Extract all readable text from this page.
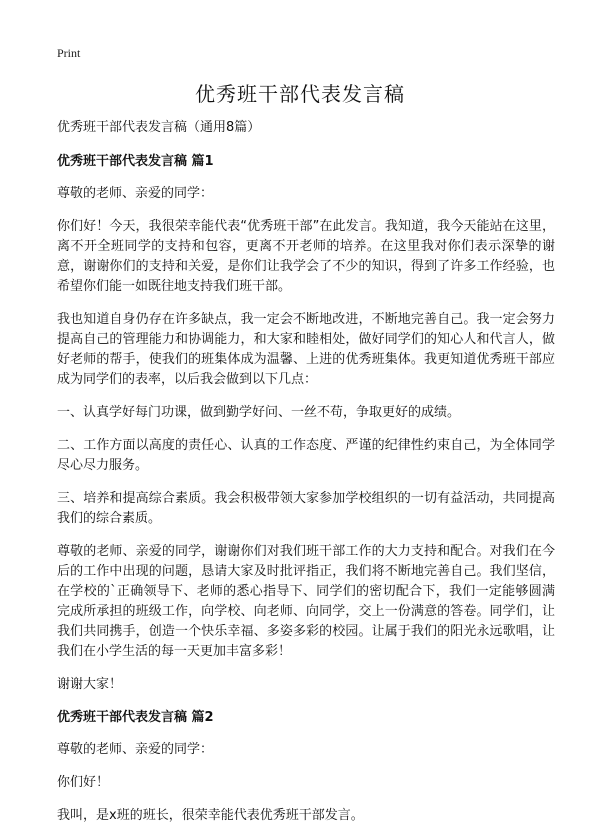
Print
优秀班干部代表发言稿

优秀班干部代表发言稿（通用8篇）

优秀班干部代表发言稿 篇1

尊敬的老师、亲爱的同学：

你们好！今天，我很荣幸能代表“优秀班干部”在此发言。我知道，我今天能站在这里，离不开全班同学的支持和包容，更离不开老师的培养。在这里我对你们表示深挚的谢意，谢谢你们的支持和关爱，是你们让我学会了不少的知识，得到了许多工作经验，也希望你们能一如既往地支持我们班干部。

我也知道自身仍存在许多缺点，我一定会不断地改进，不断地完善自己。我一定会努力提高自己的管理能力和协调能力，和大家和睦相处，做好同学们的知心人和代言人，做好老师的帮手，使我们的班集体成为温馨、上进的优秀班集体。我更知道优秀班干部应成为同学们的表率，以后我会做到以下几点：

一、认真学好每门功课，做到勤学好问、一丝不苟，争取更好的成绩。

二、工作方面以高度的责任心、认真的工作态度、严谨的纪律性约束自己，为全体同学尽心尽力服务。

三、培养和提高综合素质。我会积极带领大家参加学校组织的一切有益活动，共同提高我们的综合素质。

尊敬的老师、亲爱的同学，谢谢你们对我们班干部工作的大力支持和配合。对我们在今后的工作中出现的问题，恳请大家及时批评指正，我们将不断地完善自己。我们坚信，在学校的`正确领导下、老师的悉心指导下、同学们的密切配合下，我们一定能够圆满完成所承担的班级工作，向学校、向老师、向同学，交上一份满意的答卷。同学们，让我们共同携手，创造一个快乐幸福、多姿多彩的校园。让属于我们的阳光永远歌唱，让我们在小学生活的每一天更加丰富多彩！

谢谢大家！

优秀班干部代表发言稿 篇2

尊敬的老师、亲爱的同学：

你们好！

我叫，是x班的班长，很荣幸能代表优秀班干部发言。
